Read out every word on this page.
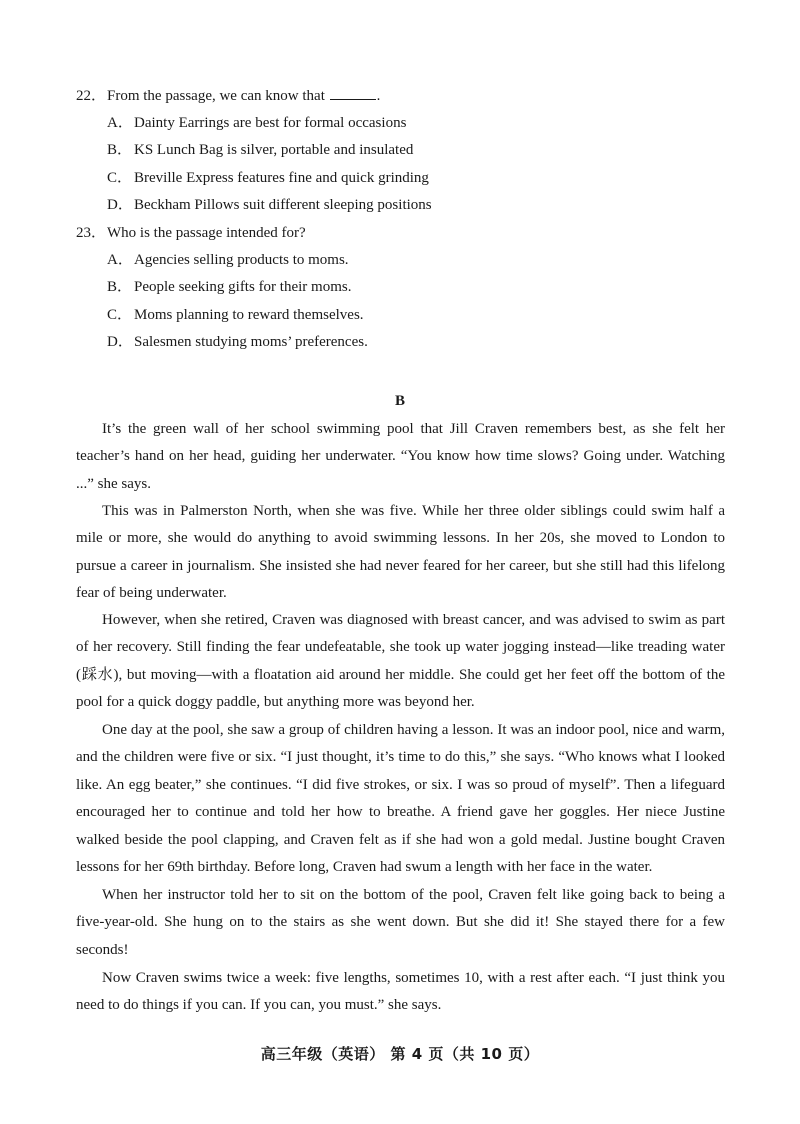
22．From the passage, we can know that	.
A．Dainty Earrings are best for formal occasions
B． KS Lunch Bag is silver, portable and insulated
C． Breville Express features fine and quick grinding
D．Beckham Pillows suit different sleeping positions
23．Who is the passage intended for?
A．Agencies selling products to moms.
B． People seeking gifts for their moms.
C． Moms planning to reward themselves.
D．Salesmen studying moms’ preferences.
B

It’s the green wall of her school swimming pool that Jill Craven remembers best, as she felt her teacher’s hand on her head, guiding her underwater. “You know how time slows? Going under. Watching ...” she says.

This was in Palmerston North, when she was five. While her three older siblings could swim half a mile or more, she would do anything to avoid swimming lessons. In her 20s, she moved to London to pursue a career in journalism. She insisted she had never feared for her career, but she still had this lifelong fear of being underwater.

However, when she retired, Craven was diagnosed with breast cancer, and was advised to swim as part of her recovery. Still finding the fear undefeatable, she took up water jogging instead—like treading water (踩水), but moving—with a floatation aid around her middle. She could get her feet off the bottom of the pool for a quick doggy paddle, but anything more was beyond her.

One day at the pool, she saw a group of children having a lesson. It was an indoor pool, nice and warm, and the children were five or six. “I just thought, it’s time to do this,” she says. “Who knows what I looked like. An egg beater,” she continues. “I did five strokes, or six. I was so proud of myself”. Then a lifeguard encouraged her to continue and told her how to breathe. A friend gave her goggles. Her niece Justine walked beside the pool clapping, and Craven felt as if she had won a gold medal. Justine bought Craven lessons for her 69th birthday. Before long, Craven had swum a length with her face in the water.

When her instructor told her to sit on the bottom of the pool, Craven felt like going back to being a five-year-old. She hung on to the stairs as she went down. But she did it! She stayed there for a few seconds!

Now Craven swims twice a week: five lengths, sometimes 10, with a rest after each. “I just think you need to do things if you can. If you can, you must.” she says.

高三年级（英语） 第 4 页（共 10 页）
